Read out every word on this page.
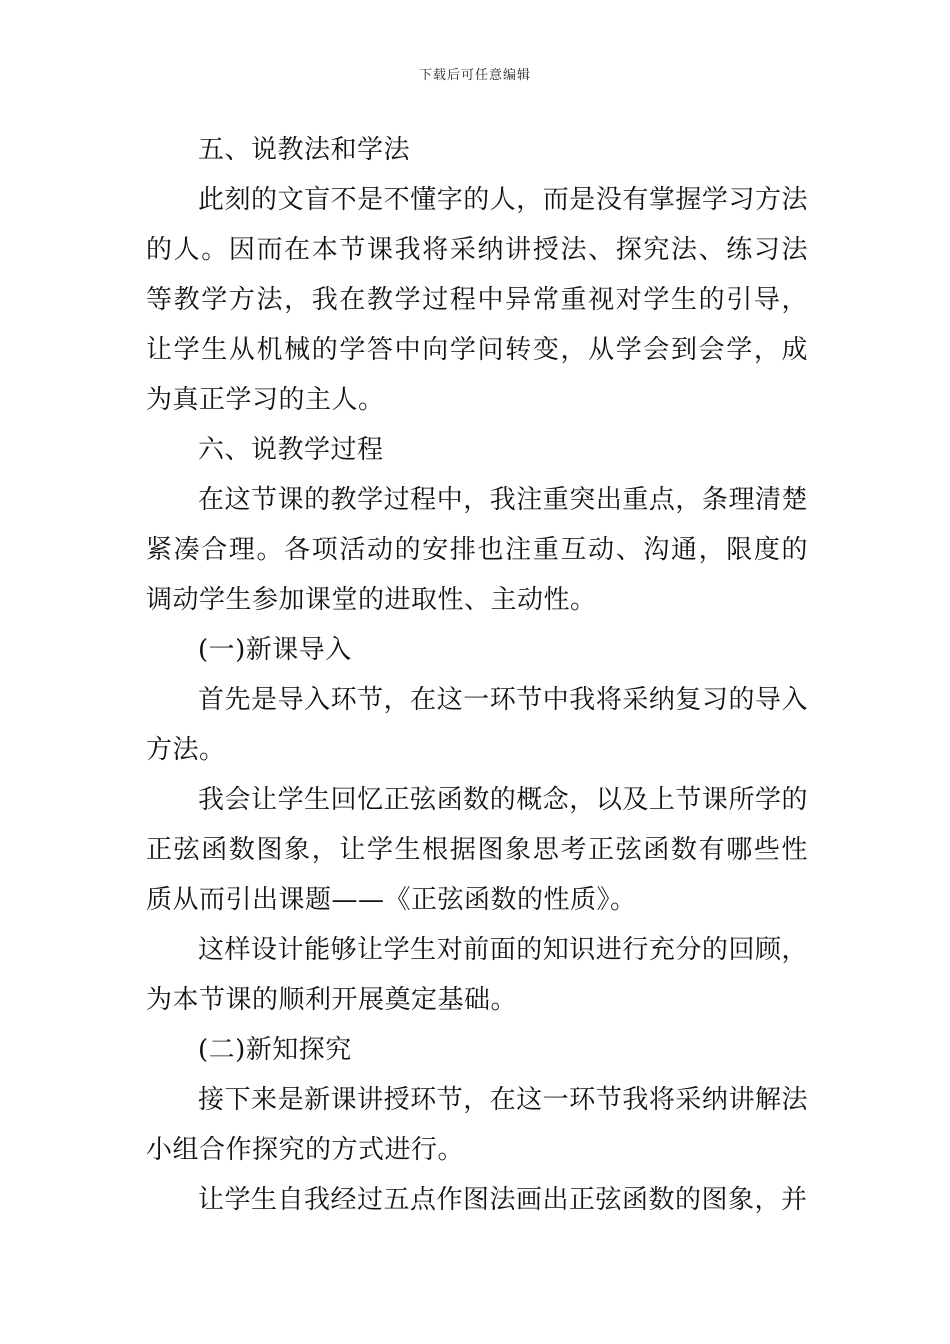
下载后可任意编辑

五、说教法和学法

此刻的文盲不是不懂字的人，而是没有掌握学习方法的人。因而在本节课我将采纳讲授法、探究法、练习法等教学方法，我在教学过程中异常重视对学生的引导，让学生从机械的学答中向学问转变，从学会到会学，成为真正学习的主人。

六、说教学过程

在这节课的教学过程中，我注重突出重点，条理清楚紧凑合理。各项活动的安排也注重互动、沟通，限度的调动学生参加课堂的进取性、主动性。

(一)新课导入

首先是导入环节，在这一环节中我将采纳复习的导入方法。

我会让学生回忆正弦函数的概念，以及上节课所学的正弦函数图象，让学生根据图象思考正弦函数有哪些性质从而引出课题——《正弦函数的性质》。

这样设计能够让学生对前面的知识进行充分的回顾，为本节课的顺利开展奠定基础。

(二)新知探究

接下来是新课讲授环节，在这一环节我将采纳讲解法小组合作探究的方式进行。

让学生自我经过五点作图法画出正弦函数的图象，并
